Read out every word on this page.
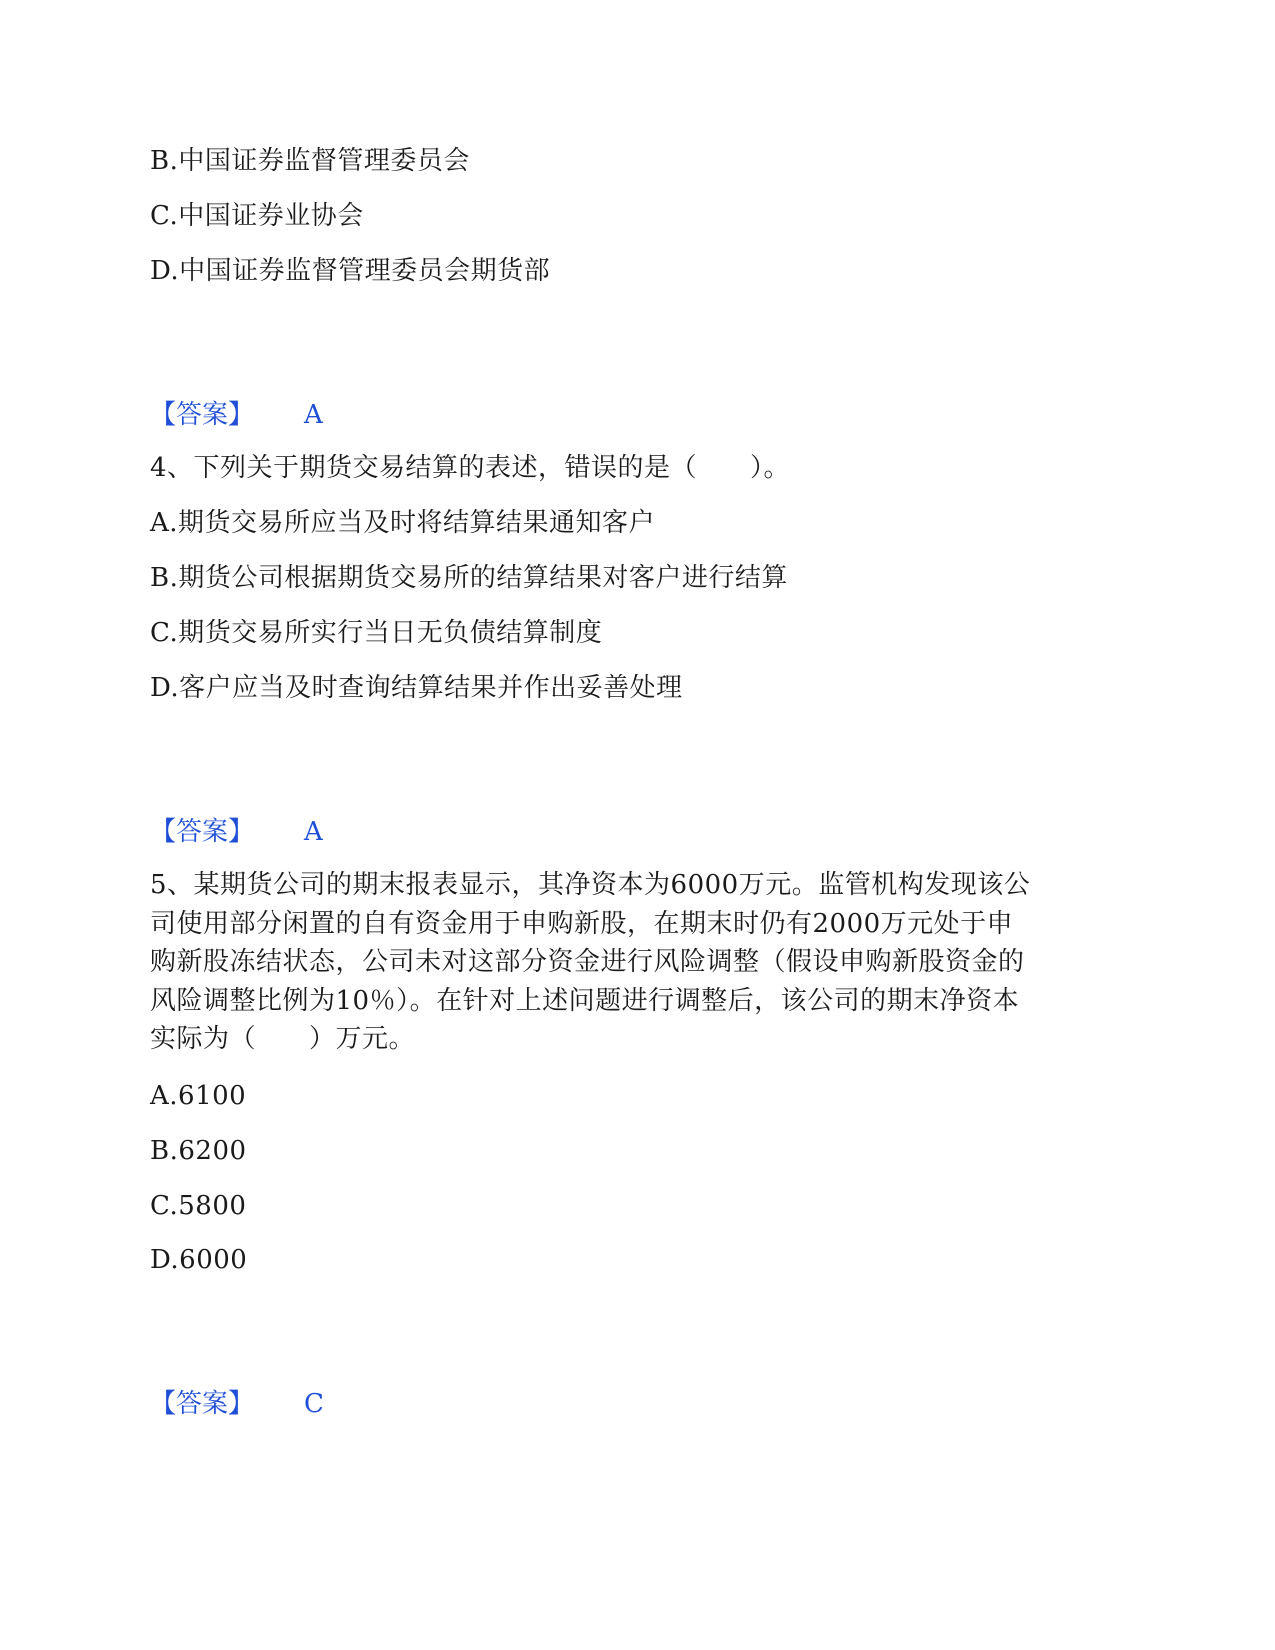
B.中国证券监督管理委员会
C.中国证券业协会
D.中国证券监督管理委员会期货部
【答案】 A
4、下列关于期货交易结算的表述，错误的是（　　）。
A.期货交易所应当及时将结算结果通知客户
B.期货公司根据期货交易所的结算结果对客户进行结算
C.期货交易所实行当日无负债结算制度
D.客户应当及时查询结算结果并作出妥善处理
【答案】 A
5、某期货公司的期末报表显示，其净资本为6000万元。监管机构发现该公
司使用部分闲置的自有资金用于申购新股，在期末时仍有2000万元处于申
购新股冻结状态，公司未对这部分资金进行风险调整（假设申购新股资金的
风险调整比例为10％）。在针对上述问题进行调整后，该公司的期末净资本
实际为（　　）万元。
A.6100
B.6200
C.5800
D.6000
【答案】 C
